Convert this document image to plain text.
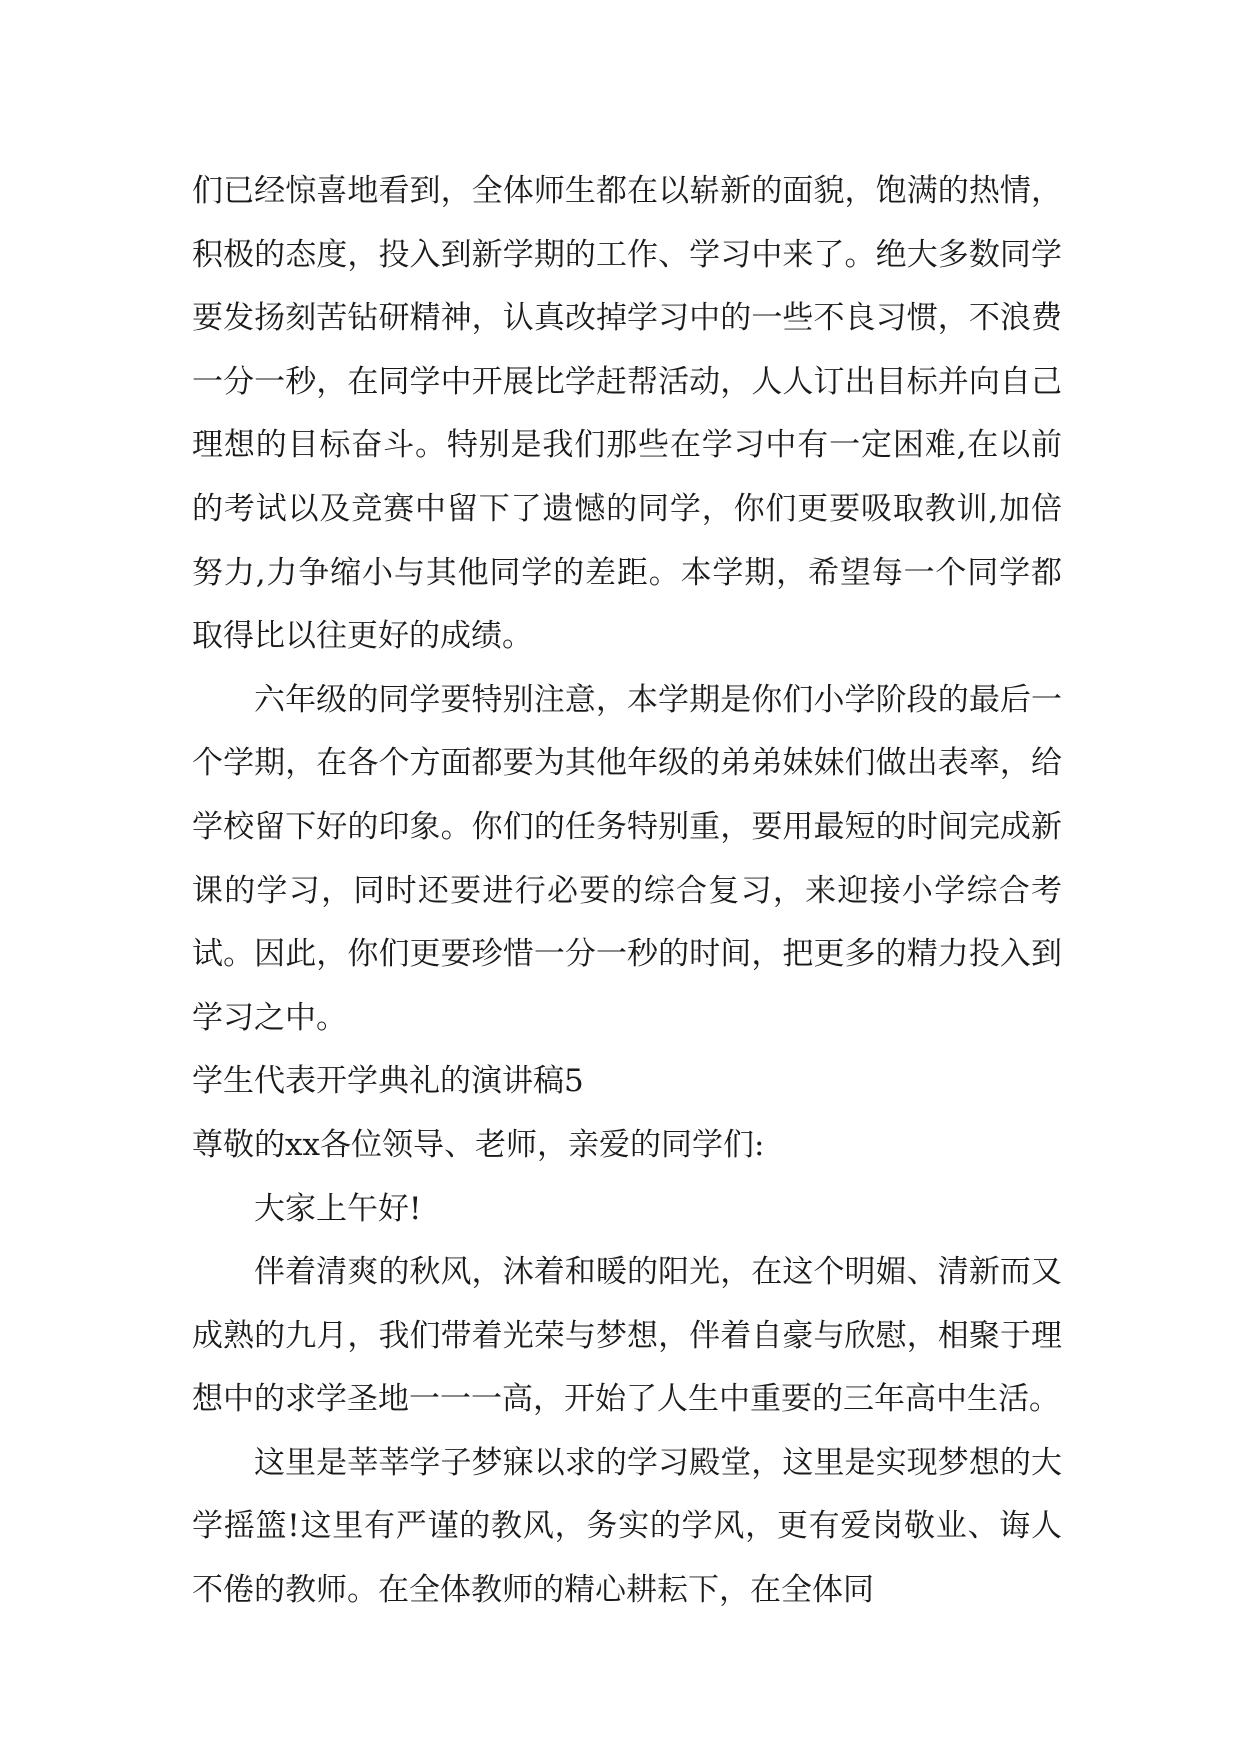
们已经惊喜地看到，全体师生都在以崭新的面貌，饱满的热情，积极的态度，投入到新学期的工作、学习中来了。绝大多数同学要发扬刻苦钻研精神，认真改掉学习中的一些不良习惯，不浪费一分一秒，在同学中开展比学赶帮活动，人人订出目标并向自己理想的目标奋斗。特别是我们那些在学习中有一定困难,在以前的考试以及竞赛中留下了遗憾的同学，你们更要吸取教训,加倍努力,力争缩小与其他同学的差距。本学期，希望每一个同学都取得比以往更好的成绩。

六年级的同学要特别注意，本学期是你们小学阶段的最后一个学期，在各个方面都要为其他年级的弟弟妹妹们做出表率，给学校留下好的印象。你们的任务特别重，要用最短的时间完成新课的学习，同时还要进行必要的综合复习，来迎接小学综合考试。因此，你们更要珍惜一分一秒的时间，把更多的精力投入到学习之中。

学生代表开学典礼的演讲稿5

尊敬的xx各位领导、老师，亲爱的同学们:

大家上午好!

伴着清爽的秋风，沐着和暖的阳光，在这个明媚、清新而又成熟的九月，我们带着光荣与梦想，伴着自豪与欣慰，相聚于理想中的求学圣地一一一高，开始了人生中重要的三年高中生活。

这里是莘莘学子梦寐以求的学习殿堂，这里是实现梦想的大学摇篮!这里有严谨的教风，务实的学风，更有爱岗敬业、诲人不倦的教师。在全体教师的精心耕耘下，在全体同
